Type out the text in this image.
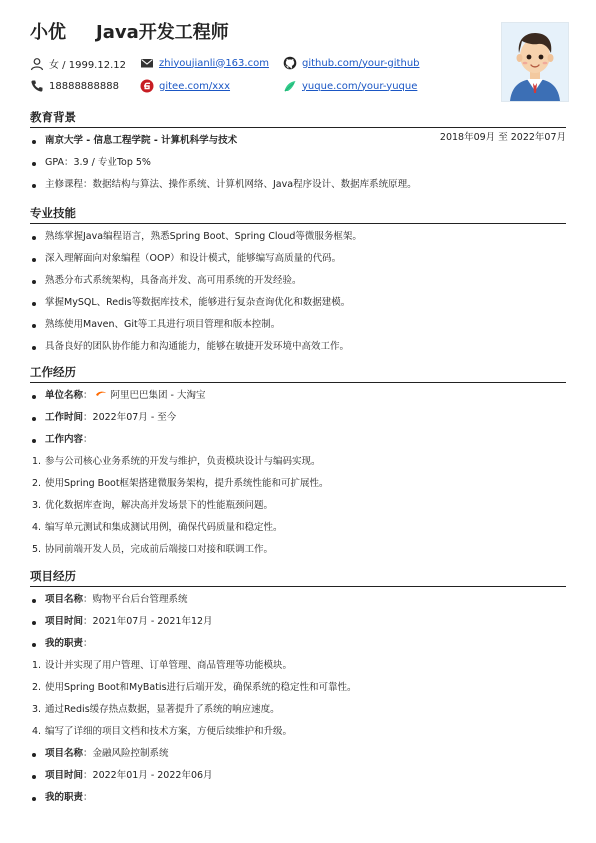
小优 Java开发工程师
女 / 1999.12.12	zhiyoujianli@163.com	github.com/your-github
18888888888	gitee.com/xxx	yuque.com/your-yuque
教育背景
南京大学 - 信息工程学院 - 计算机科学与技术	2018年09月 至 2022年07月
GPA：3.9 / 专业Top 5%
主修课程：数据结构与算法、操作系统、计算机网络、Java程序设计、数据库系统原理。
专业技能
熟练掌握Java编程语言，熟悉Spring Boot、Spring Cloud等微服务框架。
深入理解面向对象编程（OOP）和设计模式，能够编写高质量的代码。
熟悉分布式系统架构，具备高并发、高可用系统的开发经验。
掌握MySQL、Redis等数据库技术，能够进行复杂查询优化和数据建模。
熟练使用Maven、Git等工具进行项目管理和版本控制。
具备良好的团队协作能力和沟通能力，能够在敏捷开发环境中高效工作。
工作经历
单位名称： 阿里巴巴集团 - 大淘宝
工作时间：2022年07月 - 至今
工作内容：
1. 参与公司核心业务系统的开发与维护，负责模块设计与编码实现。
2. 使用Spring Boot框架搭建微服务架构，提升系统性能和可扩展性。
3. 优化数据库查询，解决高并发场景下的性能瓶颈问题。
4. 编写单元测试和集成测试用例，确保代码质量和稳定性。
5. 协同前端开发人员，完成前后端接口对接和联调工作。
项目经历
项目名称：购物平台后台管理系统
项目时间：2021年07月 - 2021年12月
我的职责：
1. 设计并实现了用户管理、订单管理、商品管理等功能模块。
2. 使用Spring Boot和MyBatis进行后端开发，确保系统的稳定性和可靠性。
3. 通过Redis缓存热点数据，显著提升了系统的响应速度。
4. 编写了详细的项目文档和技术方案，方便后续维护和升级。
项目名称：金融风险控制系统
项目时间：2022年01月 - 2022年06月
我的职责：
